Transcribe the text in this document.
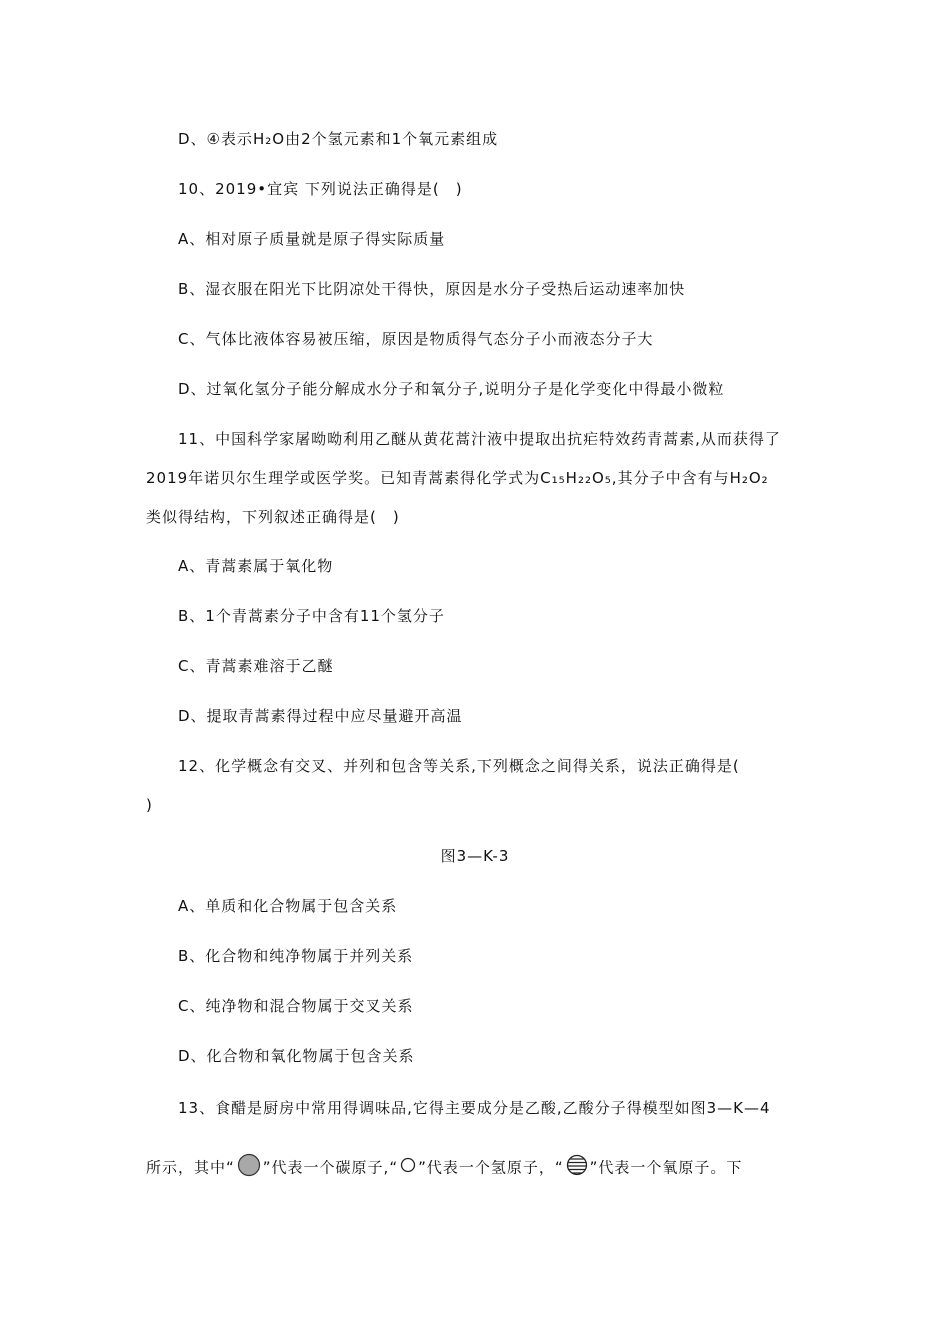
D、④表示H₂O由2个氢元素和1个氧元素组成
10、2019•宜宾 下列说法正确得是(　)
A、相对原子质量就是原子得实际质量
B、湿衣服在阳光下比阴凉处干得快，原因是水分子受热后运动速率加快
C、气体比液体容易被压缩，原因是物质得气态分子小而液态分子大
D、过氧化氢分子能分解成水分子和氧分子,说明分子是化学变化中得最小微粒
11、中国科学家屠呦呦利用乙醚从黄花蒿汁液中提取出抗疟特效药青蒿素,从而获得了
2019年诺贝尔生理学或医学奖。已知青蒿素得化学式为C₁₅H₂₂O₅,其分子中含有与H₂O₂
类似得结构，下列叙述正确得是(　)
A、青蒿素属于氧化物
B、1个青蒿素分子中含有11个氢分子
C、青蒿素难溶于乙醚
D、提取青蒿素得过程中应尽量避开高温
12、化学概念有交叉、并列和包含等关系,下列概念之间得关系，说法正确得是(
)
图3—K-3
A、单质和化合物属于包含关系
B、化合物和纯净物属于并列关系
C、纯净物和混合物属于交叉关系
D、化合物和氧化物属于包含关系
13、食醋是厨房中常用得调味品,它得主要成分是乙酸,乙酸分子得模型如图3—K—4
所示，其中“ ”代表一个碳原子,“ ”代表一个氢原子，“ ”代表一个氧原子。下
